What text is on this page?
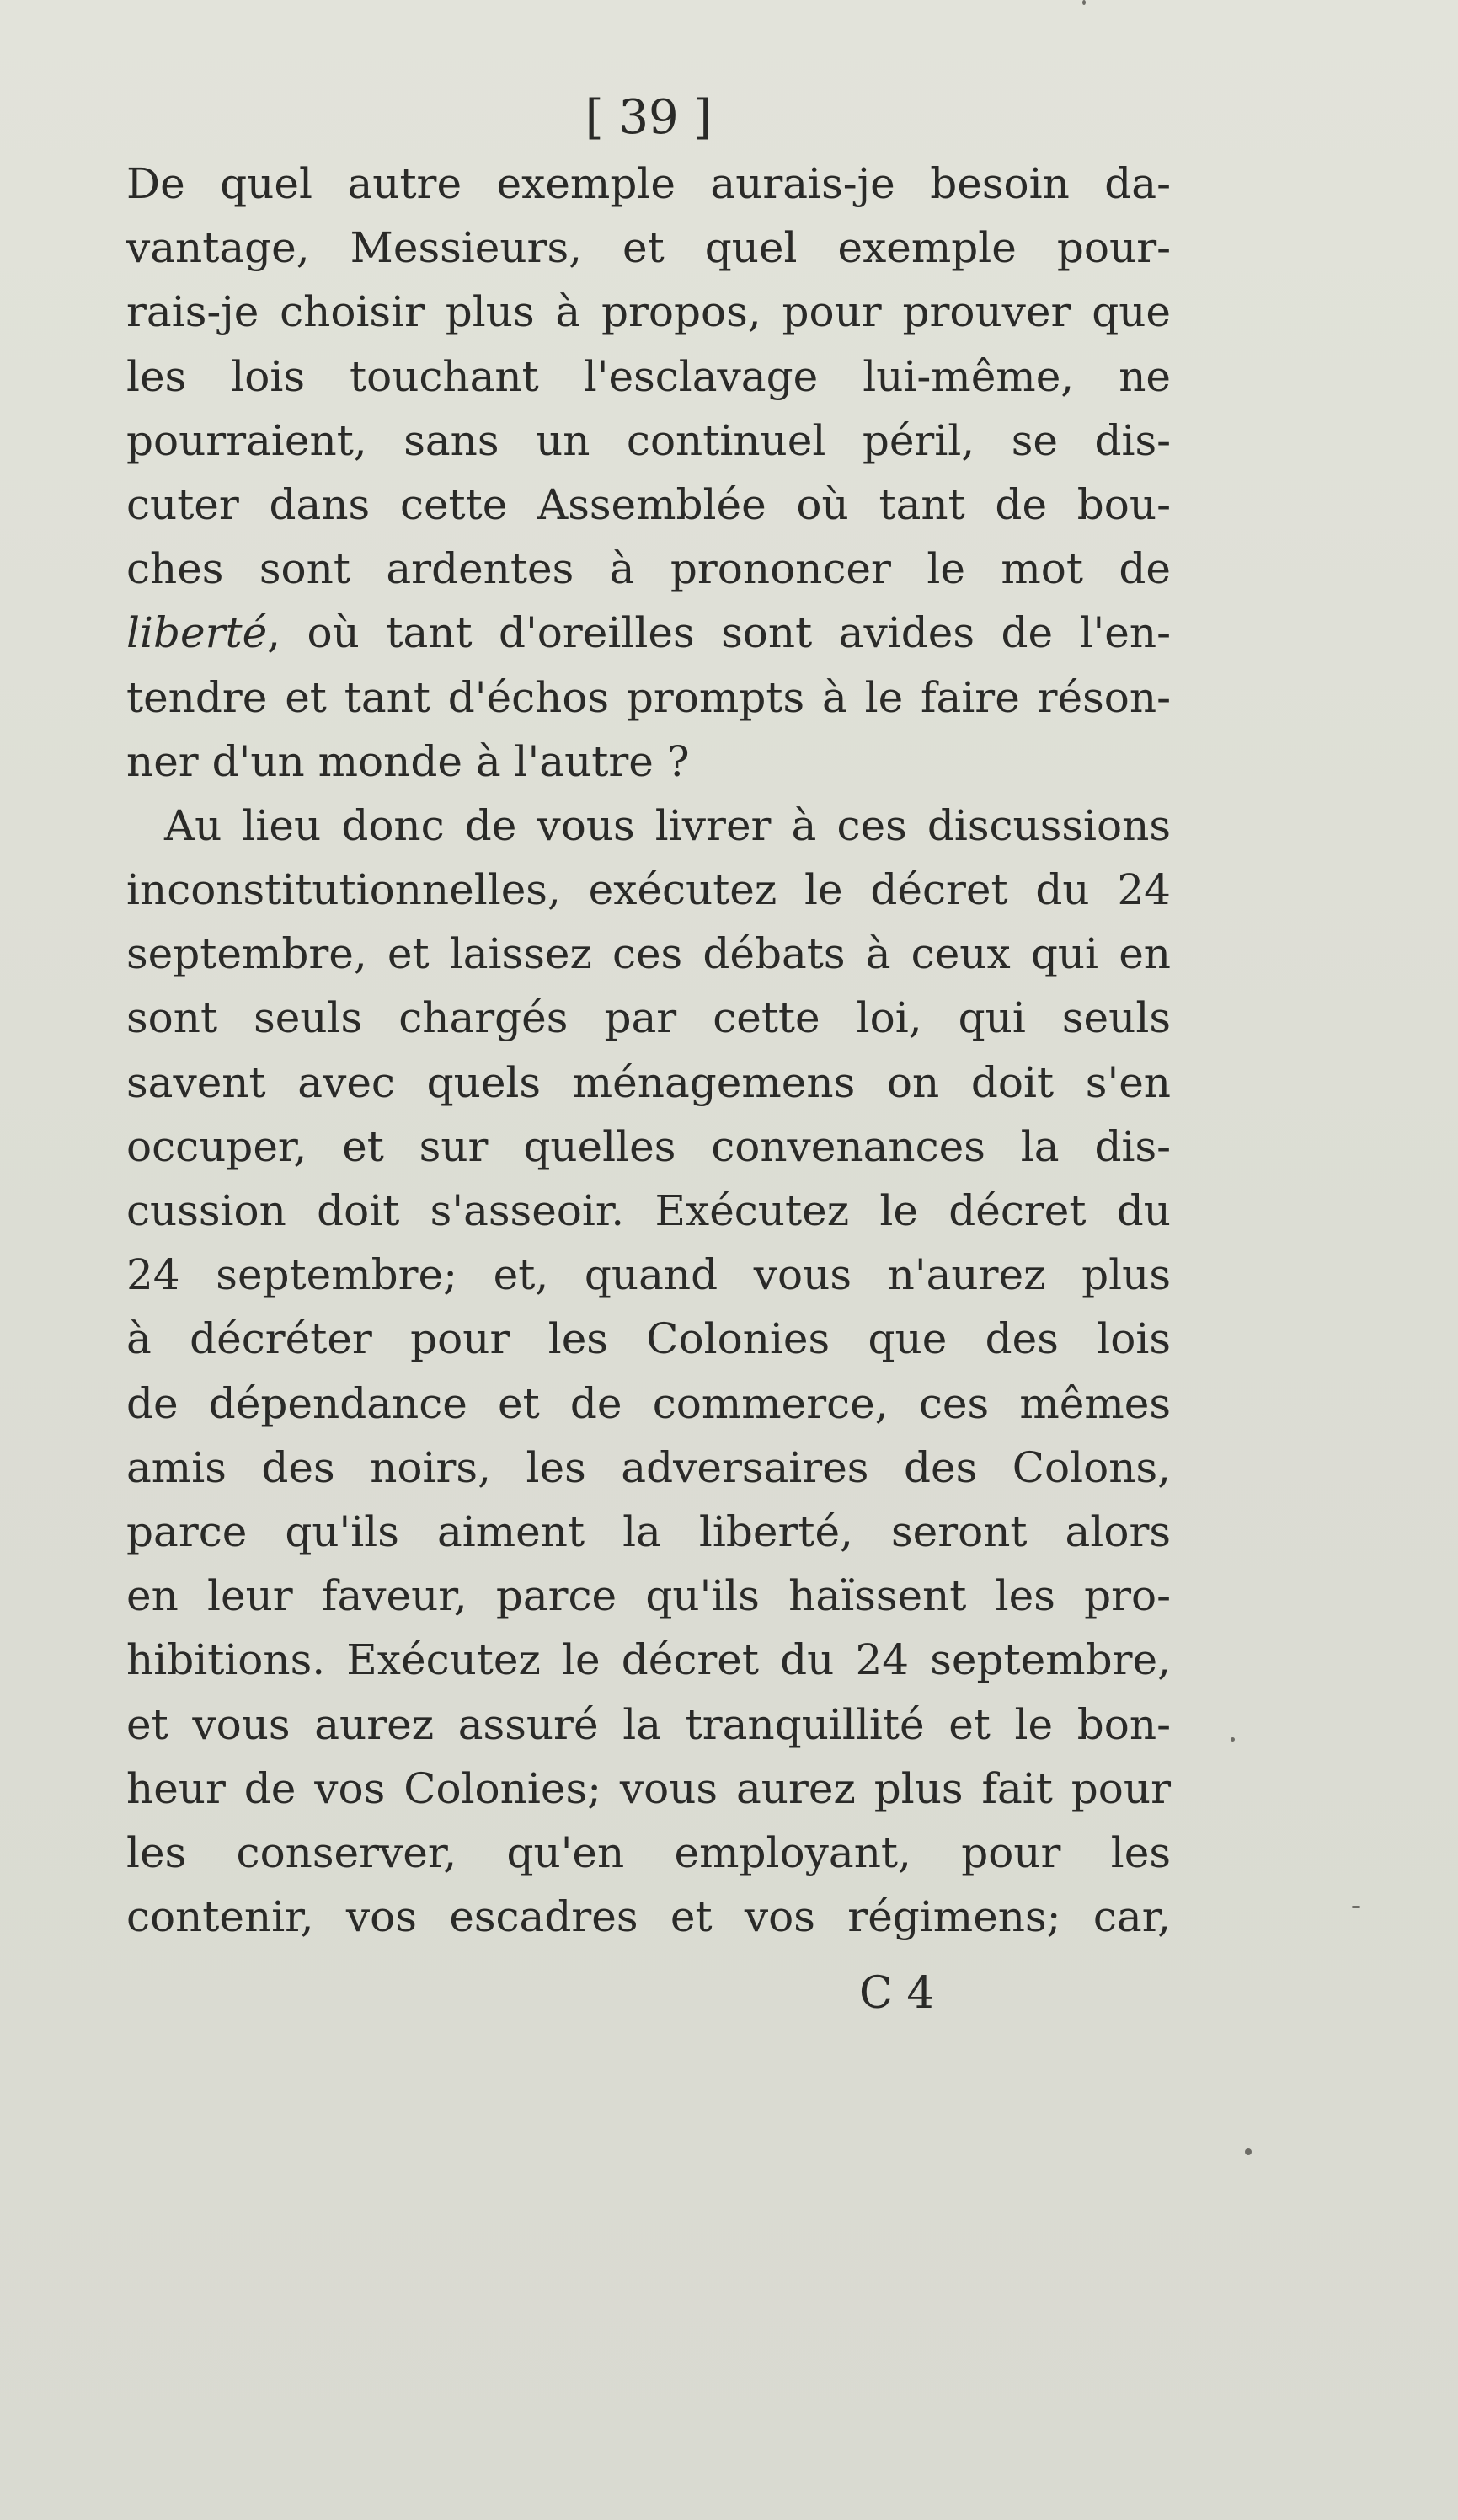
[ 39 ]
De quel autre exemple aurais-je besoin da-
vantage, Messieurs, et quel exemple pour-
rais-je choisir plus à propos, pour prouver que
les lois touchant l'esclavage lui-même, ne
pourraient, sans un continuel péril, se dis-
cuter dans cette Assemblée où tant de bou-
ches sont ardentes à prononcer le mot de
liberté, où tant d'oreilles sont avides de l'en-
tendre et tant d'échos prompts à le faire réson-
ner d'un monde à l'autre ?
Au lieu donc de vous livrer à ces discussions
inconstitutionnelles, exécutez le décret du 24
septembre, et laissez ces débats à ceux qui en
sont seuls chargés par cette loi, qui seuls
savent avec quels ménagemens on doit s'en
occuper, et sur quelles convenances la dis-
cussion doit s'asseoir. Exécutez le décret du
24 septembre; et, quand vous n'aurez plus
à décréter pour les Colonies que des lois
de dépendance et de commerce, ces mêmes
amis des noirs, les adversaires des Colons,
parce qu'ils aiment la liberté, seront alors
en leur faveur, parce qu'ils haïssent les pro-
hibitions. Exécutez le décret du 24 septembre,
et vous aurez assuré la tranquillité et le bon-
heur de vos Colonies; vous aurez plus fait pour
les conserver, qu'en employant, pour les
contenir, vos escadres et vos régimens; car,
C 4
